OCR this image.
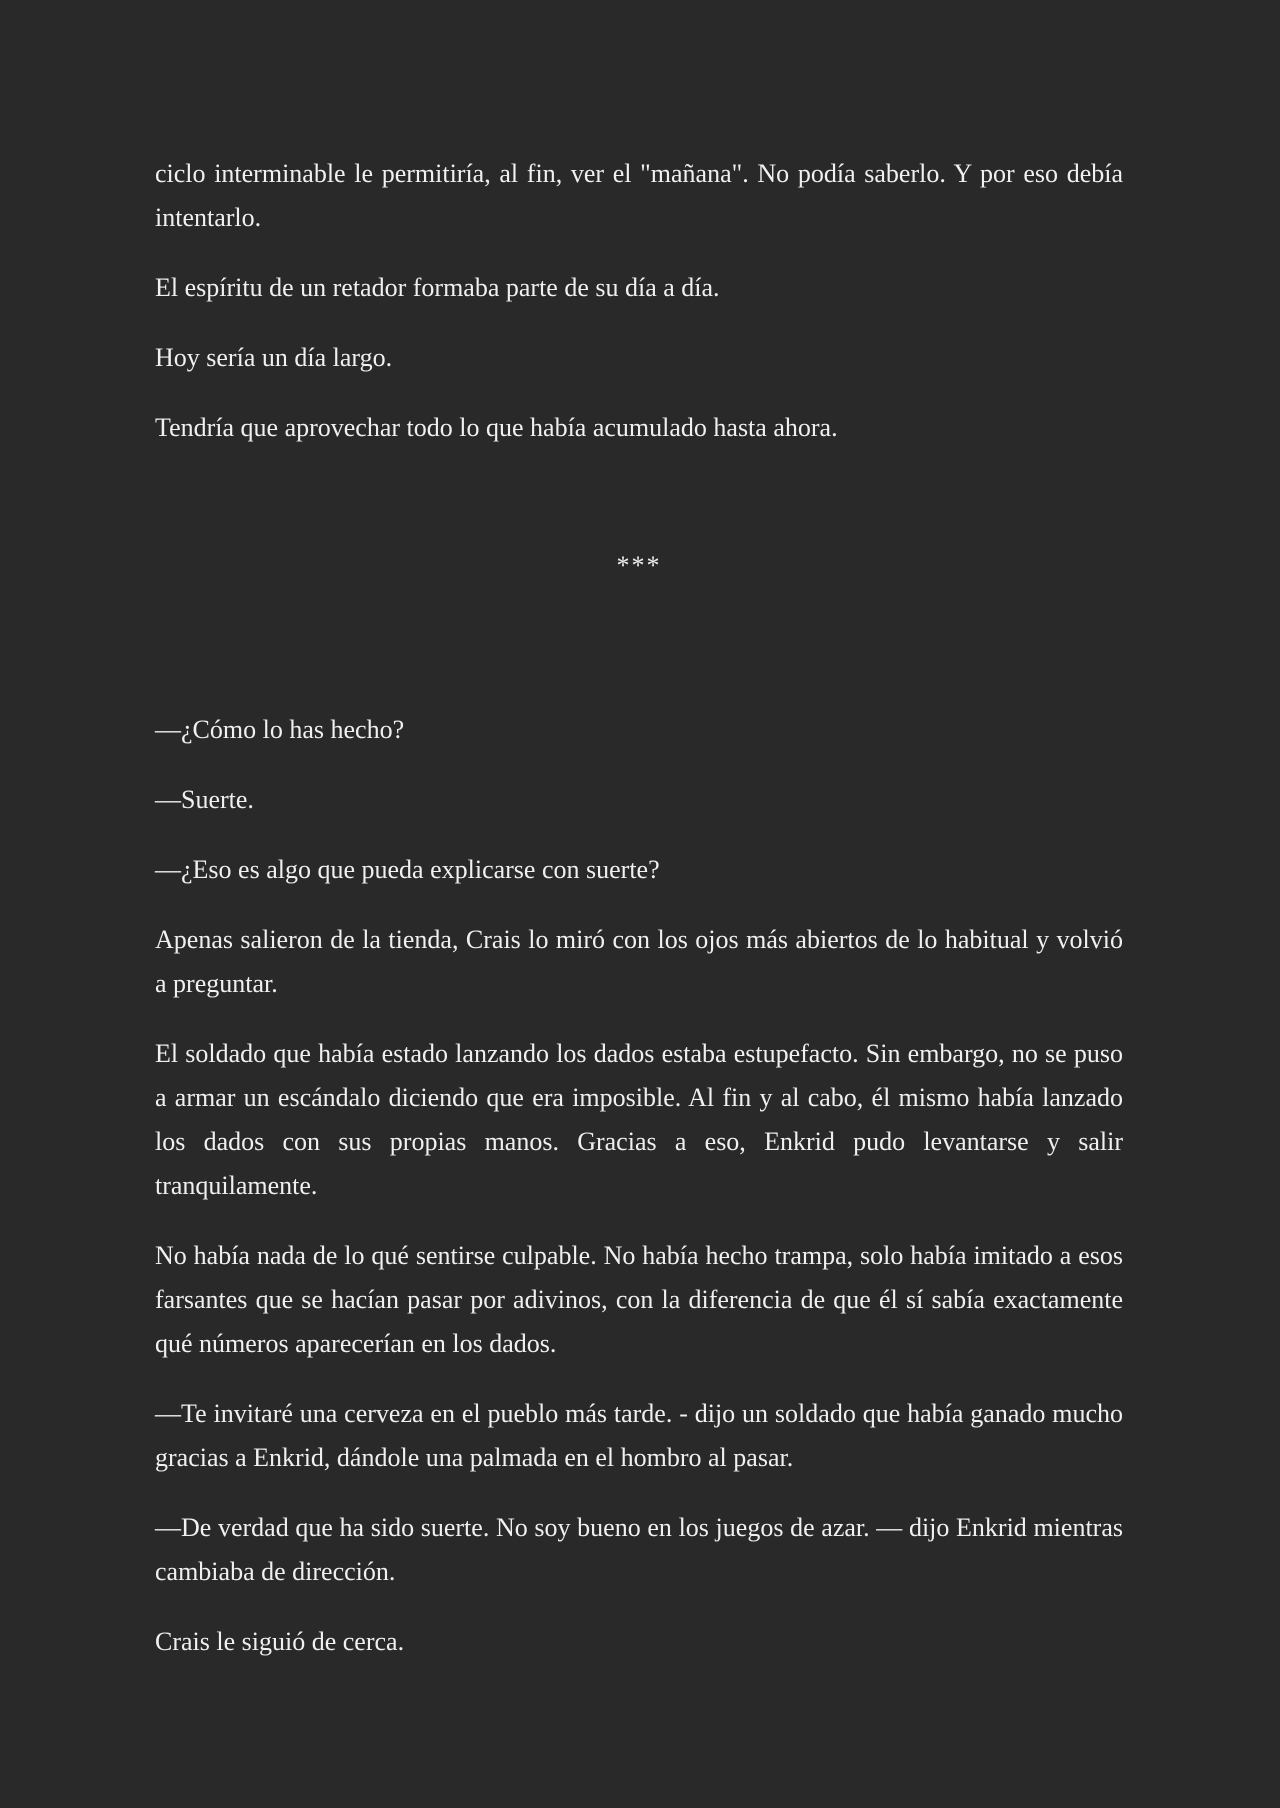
ciclo interminable le permitiría, al fin, ver el "mañana". No podía saberlo. Y por eso debía intentarlo.

El espíritu de un retador formaba parte de su día a día.

Hoy sería un día largo.

Tendría que aprovechar todo lo que había acumulado hasta ahora.

***

—¿Cómo lo has hecho?

—Suerte.

—¿Eso es algo que pueda explicarse con suerte?

Apenas salieron de la tienda, Crais lo miró con los ojos más abiertos de lo habitual y volvió a preguntar.

El soldado que había estado lanzando los dados estaba estupefacto. Sin embargo, no se puso a armar un escándalo diciendo que era imposible. Al fin y al cabo, él mismo había lanzado los dados con sus propias manos. Gracias a eso, Enkrid pudo levantarse y salir tranquilamente.

No había nada de lo qué sentirse culpable. No había hecho trampa, solo había imitado a esos farsantes que se hacían pasar por adivinos, con la diferencia de que él sí sabía exactamente qué números aparecerían en los dados.

—Te invitaré una cerveza en el pueblo más tarde. - dijo un soldado que había ganado mucho gracias a Enkrid, dándole una palmada en el hombro al pasar.

—De verdad que ha sido suerte. No soy bueno en los juegos de azar. — dijo Enkrid mientras cambiaba de dirección.

Crais le siguió de cerca.
